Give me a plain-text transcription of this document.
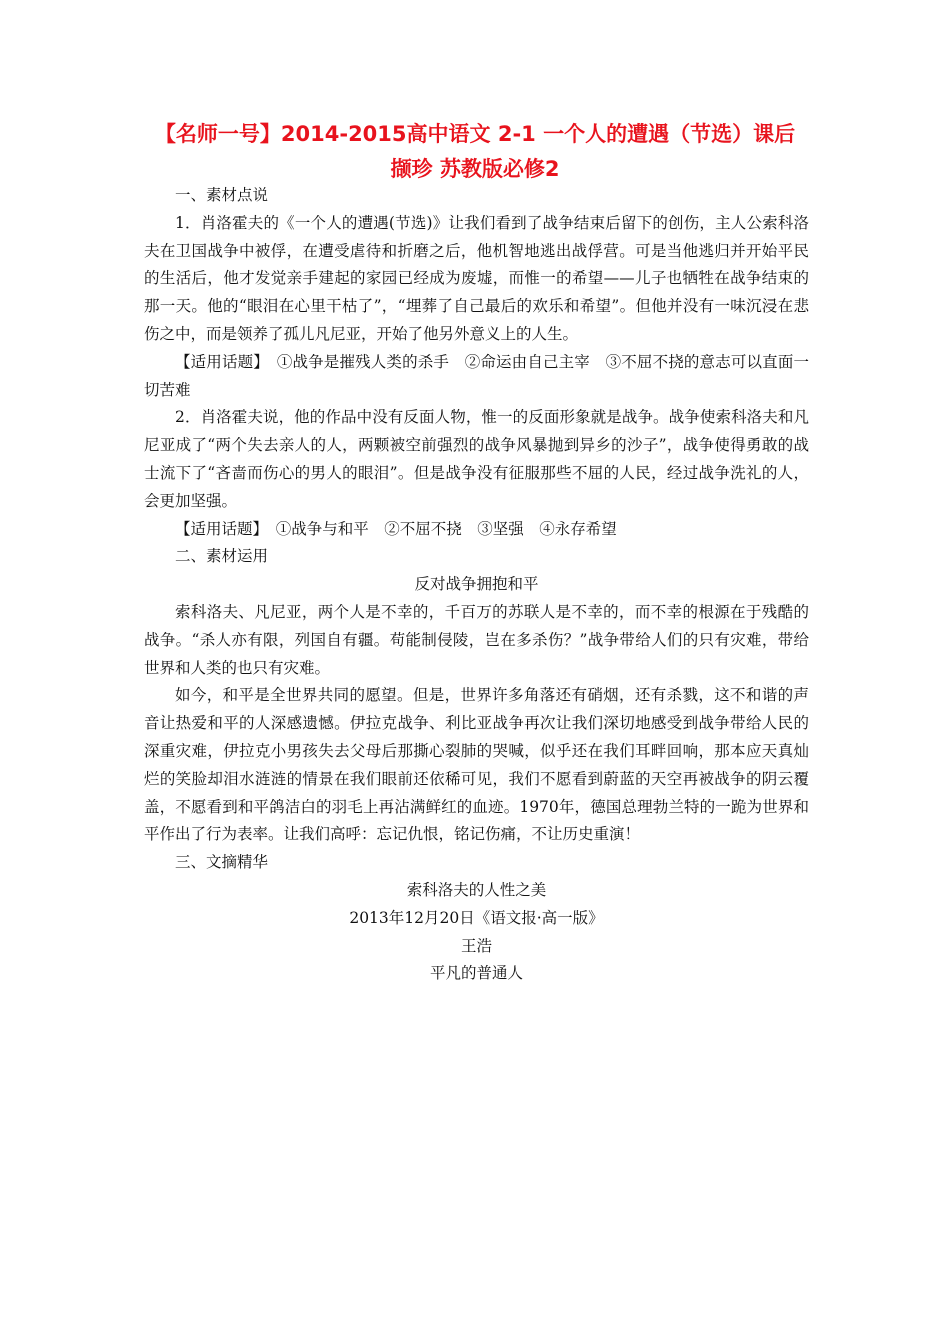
【名师一号】2014-2015高中语文 2-1 一个人的遭遇（节选）课后
撷珍 苏教版必修2

一、素材点说

1．肖洛霍夫的《一个人的遭遇(节选)》让我们看到了战争结束后留下的创伤，主人公索科洛夫在卫国战争中被俘，在遭受虐待和折磨之后，他机智地逃出战俘营。可是当他逃归并开始平民的生活后，他才发觉亲手建起的家园已经成为废墟，而惟一的希望——儿子也牺牲在战争结束的那一天。他的“眼泪在心里干枯了”，“埋葬了自己最后的欢乐和希望”。但他并没有一味沉浸在悲伤之中，而是领养了孤儿凡尼亚，开始了他另外意义上的人生。

【适用话题】　①战争是摧残人类的杀手　②命运由自己主宰　③不屈不挠的意志可以直面一切苦难

2．肖洛霍夫说，他的作品中没有反面人物，惟一的反面形象就是战争。战争使索科洛夫和凡尼亚成了“两个失去亲人的人，两颗被空前强烈的战争风暴抛到异乡的沙子”，战争使得勇敢的战士流下了“吝啬而伤心的男人的眼泪”。但是战争没有征服那些不屈的人民，经过战争洗礼的人，会更加坚强。

【适用话题】　①战争与和平　②不屈不挠　③坚强　④永存希望

二、素材运用

反对战争拥抱和平

索科洛夫、凡尼亚，两个人是不幸的，千百万的苏联人是不幸的，而不幸的根源在于残酷的战争。“杀人亦有限，列国自有疆。苟能制侵陵，岂在多杀伤？”战争带给人们的只有灾难，带给世界和人类的也只有灾难。

如今，和平是全世界共同的愿望。但是，世界许多角落还有硝烟，还有杀戮，这不和谐的声音让热爱和平的人深感遗憾。伊拉克战争、利比亚战争再次让我们深切地感受到战争带给人民的深重灾难，伊拉克小男孩失去父母后那撕心裂肺的哭喊，似乎还在我们耳畔回响，那本应天真灿烂的笑脸却泪水涟涟的情景在我们眼前还依稀可见，我们不愿看到蔚蓝的天空再被战争的阴云覆盖，不愿看到和平鸽洁白的羽毛上再沾满鲜红的血迹。1970年，德国总理勃兰特的一跪为世界和平作出了行为表率。让我们高呼：忘记仇恨，铭记伤痛，不让历史重演！

三、文摘精华

索科洛夫的人性之美

2013年12月20日《语文报·高一版》

王浩

平凡的普通人
